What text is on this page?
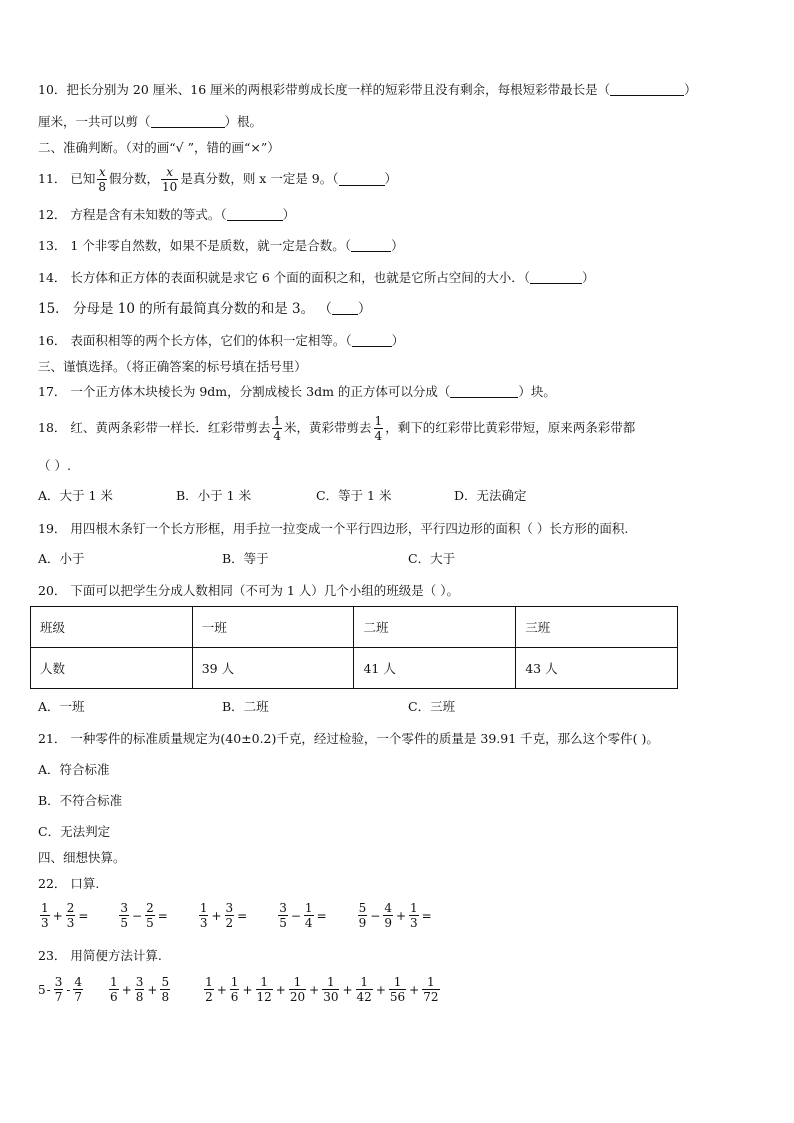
10．把长分别为 20 厘米、16 厘米的两根彩带剪成长度一样的短彩带且没有剩余，每根短彩带最长是（	）
厘米，一共可以剪（	）根。
二、准确判断。（对的画“√ ”，错的画“×”）
11． 已知 $\frac{x}{8}$ 假分数， $\frac{x}{10}$ 是真分数，则 x 一定是 9。（	）
12． 方程是含有未知数的等式。（	）
13． 1 个非零自然数，如果不是质数，就一定是合数。（	）
14． 长方体和正方体的表面积就是求它 6 个面的面积之和，也就是它所占空间的大小．（	）
15． 分母是 10 的所有最简真分数的和是 3。 （ ）
16． 表面积相等的两个长方体，它们的体积一定相等。（	）
三、谨慎选择。（将正确答案的标号填在括号里）
17． 一个正方体木块棱长为 9dm，分割成棱长 3dm 的正方体可以分成（	）块。
18． 红、黄两条彩带一样长．红彩带剪去 $\frac{1}{4}$ 米，黄彩带剪去 $\frac{1}{4}$ ，剩下的红彩带比黄彩带短，原来两条彩带都
（ ）.
A．大于 1 米	B．小于 1 米	C．等于 1 米	D．无法确定
19． 用四根木条钉一个长方形框，用手拉一拉变成一个平行四边形，平行四边形的面积（ ）长方形的面积.
A．小于	B．等于	C．大于
20． 下面可以把学生分成人数相同（不可为 1 人）几个小组的班级是（ ）。
班级	一班	二班	三班
人数	39 人	41 人	43 人
A．一班	B．二班	C．三班
21． 一种零件的标准质量规定为(40±0.2)千克，经过检验，一个零件的质量是 39.91 千克，那么这个零件( )。
A．符合标准
B．不符合标准
C．无法判定
四、细想快算。
22． 口算.
$\frac{1}{3} + \frac{2}{3}$ =	$\frac{3}{5} - \frac{2}{5}$ =	$\frac{1}{3} + \frac{3}{2}$ =	$\frac{3}{5} - \frac{1}{4}$ =	$\frac{5}{9} - \frac{4}{9} + \frac{1}{3}$ =
23． 用简便方法计算.
$5 - \frac{3}{7} - \frac{4}{7} \frac{1}{6} + \frac{3}{8} + \frac{5}{8}$	$\frac{1}{2} + \frac{1}{6} + \frac{1}{12} + \frac{1}{20} + \frac{1}{30} + \frac{1}{42} + \frac{1}{56} + \frac{1}{72}$
